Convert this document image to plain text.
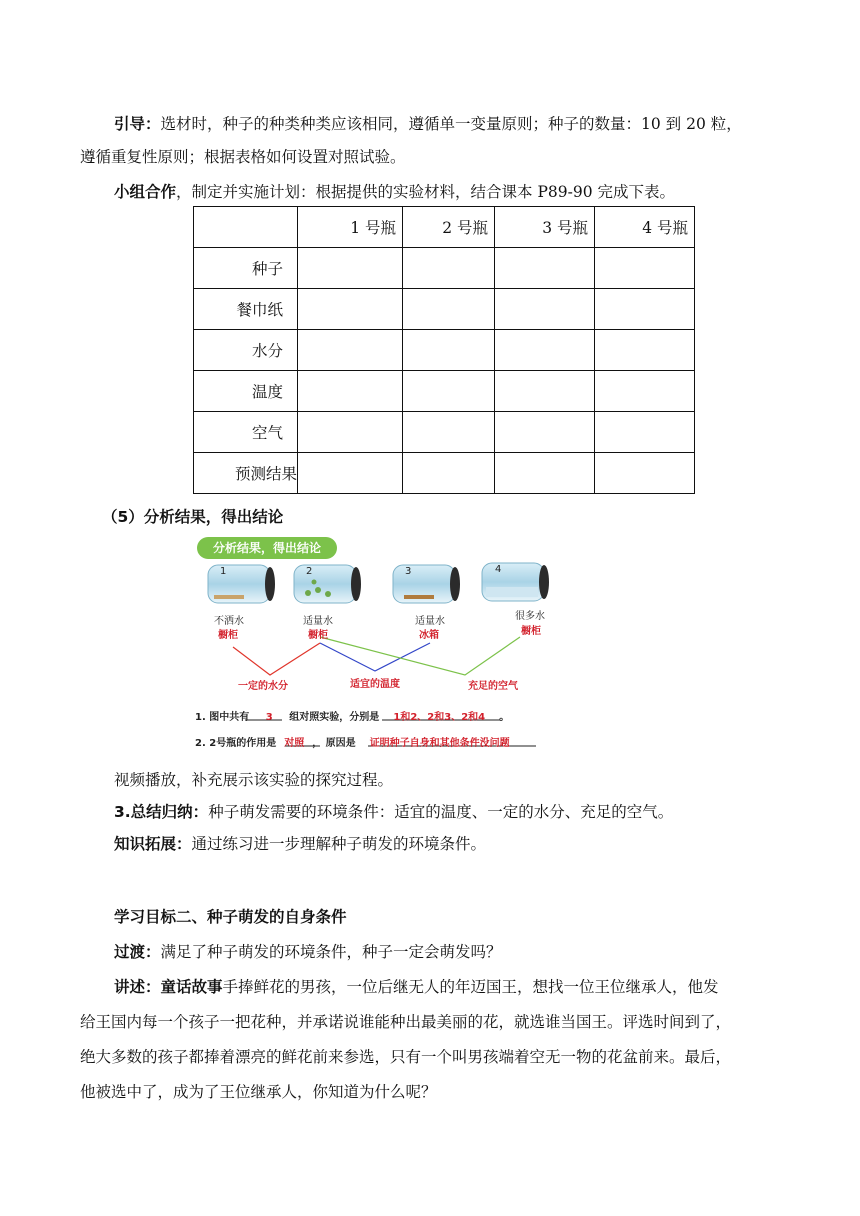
引导：选材时，种子的种类种类应该相同，遵循单一变量原则；种子的数量：10 到 20 粒，
遵循重复性原则；根据表格如何设置对照试验。
小组合作，制定并实施计划：根据提供的实验材料，结合课本 P89-90 完成下表。
	1 号瓶	2 号瓶	3 号瓶	4 号瓶
种子				
餐巾纸				
水分				
温度				
空气				
预测结果				
（5）分析结果，得出结论
分析结果，得出结论
1	2	3	4
不洒水
橱柜
适量水
橱柜
适量水
冰箱
很多水
橱柜
一定的水分	适宜的温度	充足的空气
1. 图中共有 3 组对照实验，分别是 1和2、2和3、2和4 。
2. 2号瓶的作用是 对照 ， 原因是 证明种子自身和其他条件没问题
视频播放，补充展示该实验的探究过程。
3.总结归纳：种子萌发需要的环境条件：适宜的温度、一定的水分、充足的空气。
知识拓展：通过练习进一步理解种子萌发的环境条件。
学习目标二、种子萌发的自身条件
过渡：满足了种子萌发的环境条件，种子一定会萌发吗？
讲述：童话故事手捧鲜花的男孩，一位后继无人的年迈国王，想找一位王位继承人，他发
给王国内每一个孩子一把花种，并承诺说谁能种出最美丽的花，就选谁当国王。评选时间到了，
绝大多数的孩子都捧着漂亮的鲜花前来参选，只有一个叫男孩端着空无一物的花盆前来。最后，
他被选中了，成为了王位继承人，你知道为什么呢？
